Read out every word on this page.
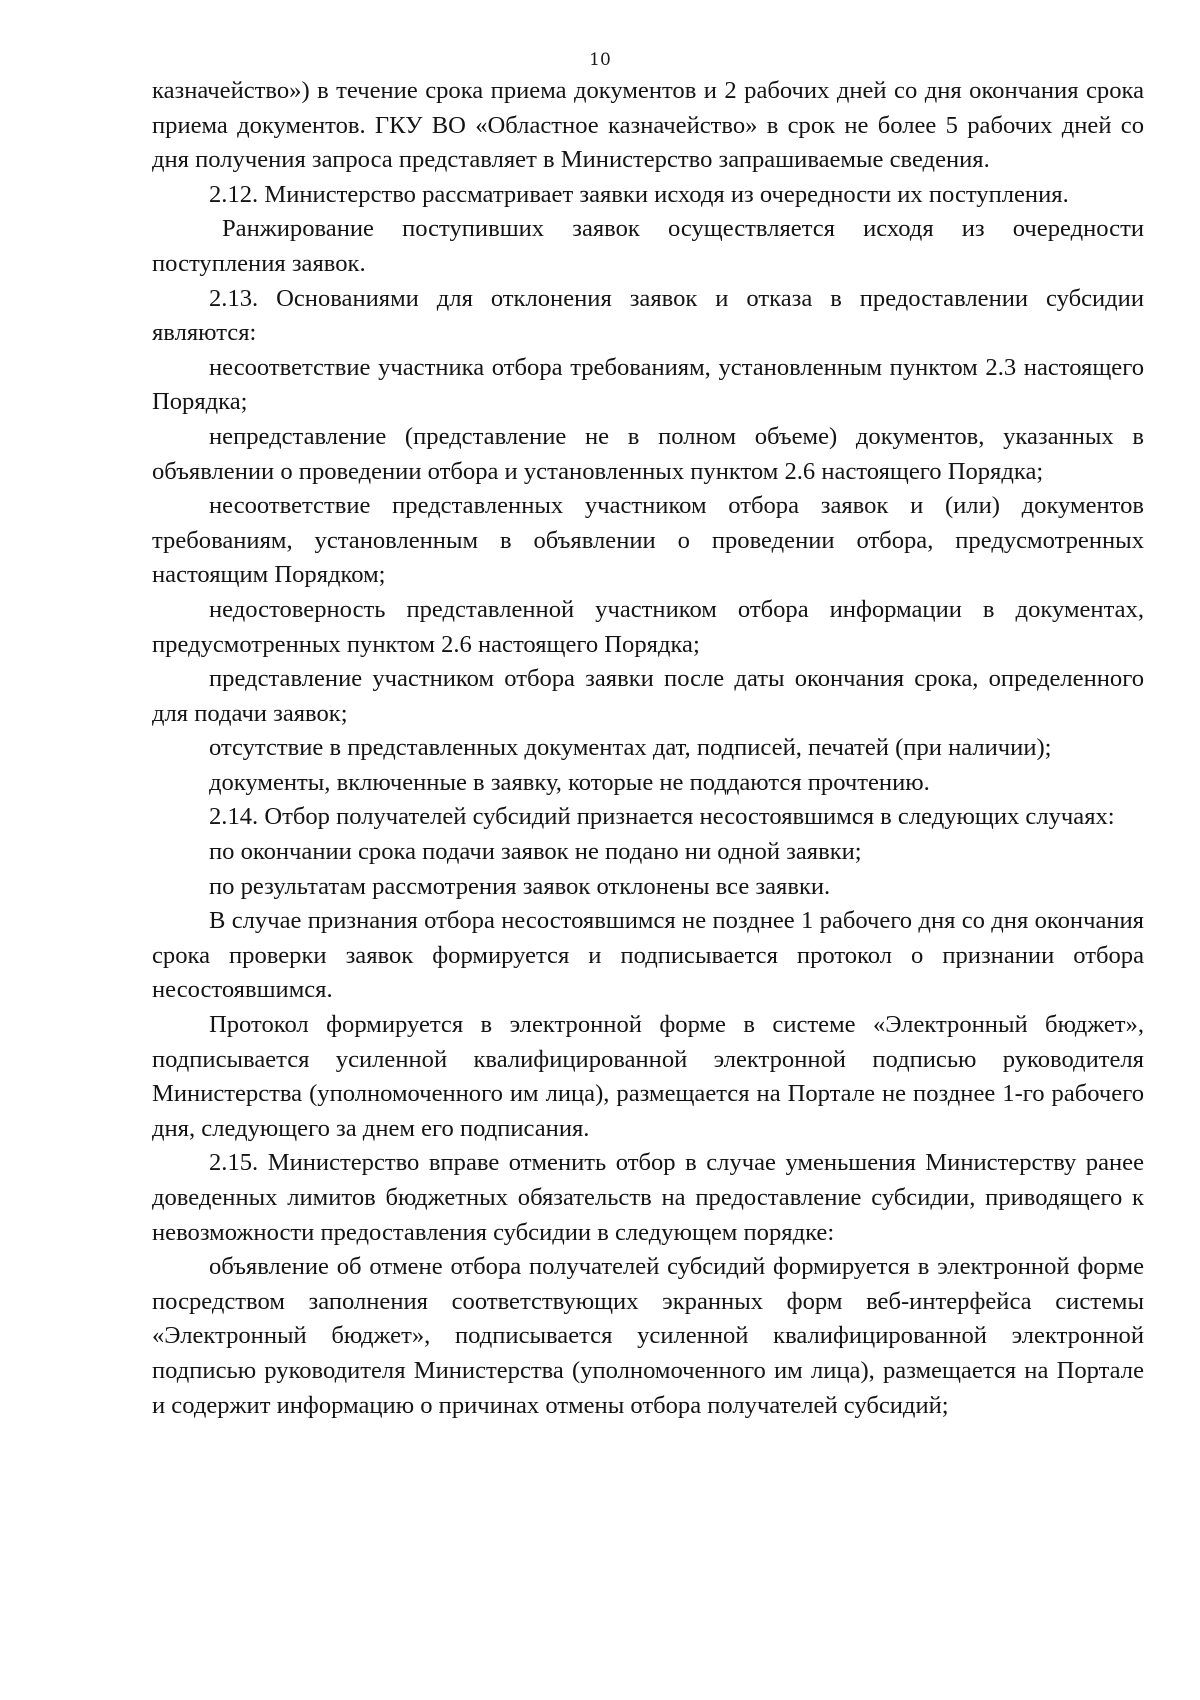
10

казначейство») в течение срока приема документов и 2 рабочих дней со дня окончания срока приема документов. ГКУ ВО «Областное казначейство» в срок не более 5 рабочих дней со дня получения запроса представляет в Министерство запрашиваемые сведения.

2.12. Министерство рассматривает заявки исходя из очередности их поступления.

Ранжирование поступивших заявок осуществляется исходя из очередности поступления заявок.

2.13. Основаниями для отклонения заявок и отказа в предоставлении субсидии являются:

несоответствие участника отбора требованиям, установленным пунктом 2.3 настоящего Порядка;

непредставление (представление не в полном объеме) документов, указанных в объявлении о проведении отбора и установленных пунктом 2.6 настоящего Порядка;

несоответствие представленных участником отбора заявок и (или) документов требованиям, установленным в объявлении о проведении отбора, предусмотренных настоящим Порядком;

недостоверность представленной участником отбора информации в документах, предусмотренных пунктом 2.6 настоящего Порядка;

представление участником отбора заявки после даты окончания срока, определенного для подачи заявок;

отсутствие в представленных документах дат, подписей, печатей (при наличии);

документы, включенные в заявку, которые не поддаются прочтению.

2.14. Отбор получателей субсидий признается несостоявшимся в следующих случаях:

по окончании срока подачи заявок не подано ни одной заявки;

по результатам рассмотрения заявок отклонены все заявки.

В случае признания отбора несостоявшимся не позднее 1 рабочего дня со дня окончания срока проверки заявок формируется и подписывается протокол о признании отбора несостоявшимся.

Протокол формируется в электронной форме в системе «Электронный бюджет», подписывается усиленной квалифицированной электронной подписью руководителя Министерства (уполномоченного им лица), размещается на Портале не позднее 1-го рабочего дня, следующего за днем его подписания.

2.15. Министерство вправе отменить отбор в случае уменьшения Министерству ранее доведенных лимитов бюджетных обязательств на предоставление субсидии, приводящего к невозможности предоставления субсидии в следующем порядке:

объявление об отмене отбора получателей субсидий формируется в электронной форме посредством заполнения соответствующих экранных форм веб-интерфейса системы «Электронный бюджет», подписывается усиленной квалифицированной электронной подписью руководителя Министерства (уполномоченного им лица), размещается на Портале и содержит информацию о причинах отмены отбора получателей субсидий;
